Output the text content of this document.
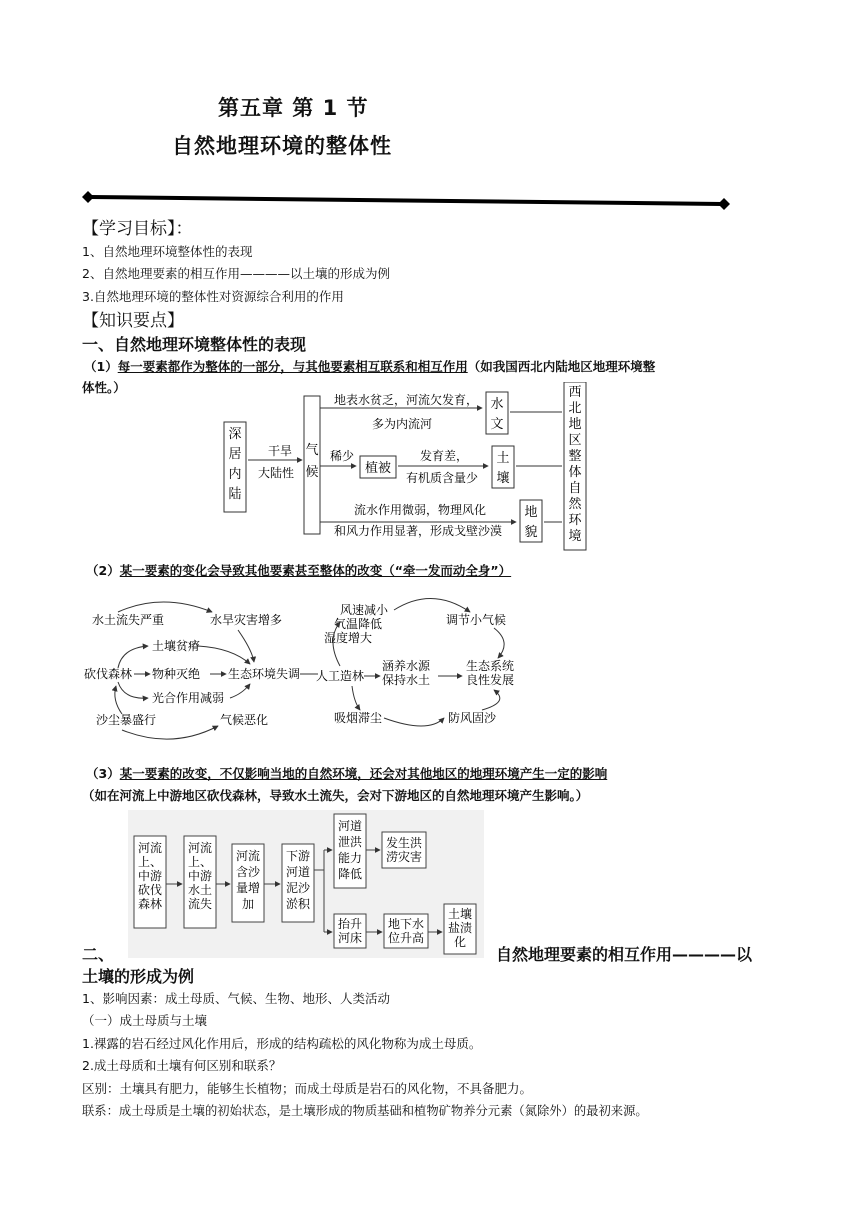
第五章 第 1 节
自然地理环境的整体性
【学习目标】：
1、自然地理环境整体性的表现
2、自然地理要素的相互作用————以土壤的形成为例
3.自然地理环境的整体性对资源综合利用的作用
【知识要点】
一、自然地理环境整体性的表现
（1）每一要素都作为整体的一部分，与其他要素相互联系和相互作用（如我国西北内陆地区地理环境整
体性。）
深居内陆
干旱
大陆性
气候
地表水贫乏，河流欠发育，
多为内流河
水文
稀少
植被
发育差，
有机质含量少
土壤
流水作用微弱，物理风化
和风力作用显著，形成戈壁沙漠
地貌
西北地区整体自然环境
（2）某一要素的变化会导致其他要素甚至整体的改变（“牵一发而动全身”）
水土流失严重	水旱灾害增多
土壤贫瘠
砍伐森林 物种灭绝 生态环境失调
光合作用减弱
沙尘暴盛行	气候恶化
风速减小
气温降低
湿度增大
调节小气候
人工造林
涵养水源
保持水土
生态系统
良性发展
吸烟滞尘	防风固沙
（3）某一要素的改变，不仅影响当地的自然环境，还会对其他地区的地理环境产生一定的影响
（如在河流上中游地区砍伐森林，导致水土流失，会对下游地区的自然地理环境产生影响。）
河流上、中游砍伐森林
河流上、中游水土流失
河流含沙量增加
下游河道泥沙淤积
河道泄洪能力降低
发生洪涝灾害
抬升河床
地下水位升高
土壤盐渍化
二、	自然地理要素的相互作用————以
土壤的形成为例
1、影响因素：成土母质、气候、生物、地形、人类活动
（一）成土母质与土壤
1.裸露的岩石经过风化作用后，形成的结构疏松的风化物称为成土母质。
2.成土母质和土壤有何区别和联系？
区别：土壤具有肥力，能够生长植物；而成土母质是岩石的风化物，不具备肥力。
联系：成土母质是土壤的初始状态，是土壤形成的物质基础和植物矿物养分元素（氮除外）的最初来源。
